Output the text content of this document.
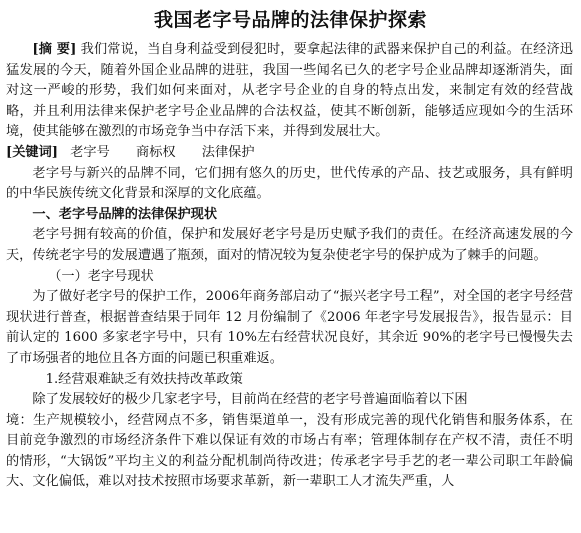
我国老字号品牌的法律保护探索

[摘 要] 我们常说，当自身利益受到侵犯时，要拿起法律的武器来保护自己的利益。在经济迅猛发展的今天，随着外国企业品牌的进驻，我国一些闻名已久的老字号企业品牌却逐渐消失，面对这一严峻的形势，我们如何来面对，从老字号企业的自身的特点出发，来制定有效的经营战略，并且利用法律来保护老字号企业品牌的合法权益，使其不断创新，能够适应现如今的生活环境，使其能够在激烈的市场竞争当中存活下来，并得到发展壮大。

[关键词] 老字号 商标权 法律保护

老字号与新兴的品牌不同，它们拥有悠久的历史，世代传承的产品、技艺或服务，具有鲜明的中华民族传统文化背景和深厚的文化底蕴。

一、老字号品牌的法律保护现状

老字号拥有较高的价值，保护和发展好老字号是历史赋予我们的责任。在经济高速发展的今天，传统老字号的发展遭遇了瓶颈，面对的情况较为复杂使老字号的保护成为了棘手的问题。

（一）老字号现状

为了做好老字号的保护工作，2006年商务部启动了“振兴老字号工程”，对全国的老字号经营现状进行普查，根据普查结果于同年 12 月份编制了《2006 年老字号发展报告》，报告显示：目前认定的 1600 多家老字号中，只有 10%左右经营状况良好，其余近 90%的老字号已慢慢失去了市场强者的地位且各方面的问题已积重难返。

1.经营艰难缺乏有效扶持改革政策

除了发展较好的极少几家老字号，目前尚在经营的老字号普遍面临着以下困

境：生产规模较小，经营网点不多，销售渠道单一，没有形成完善的现代化销售和服务体系，在目前竞争激烈的市场经济条件下难以保证有效的市场占有率；管理体制存在产权不清，责任不明的情形，“大锅饭”平均主义的利益分配机制尚待改进；传承老字号手艺的老一辈公司职工年龄偏大、文化偏低，难以对技术按照市场要求革新，新一辈职工人才流失严重，人
